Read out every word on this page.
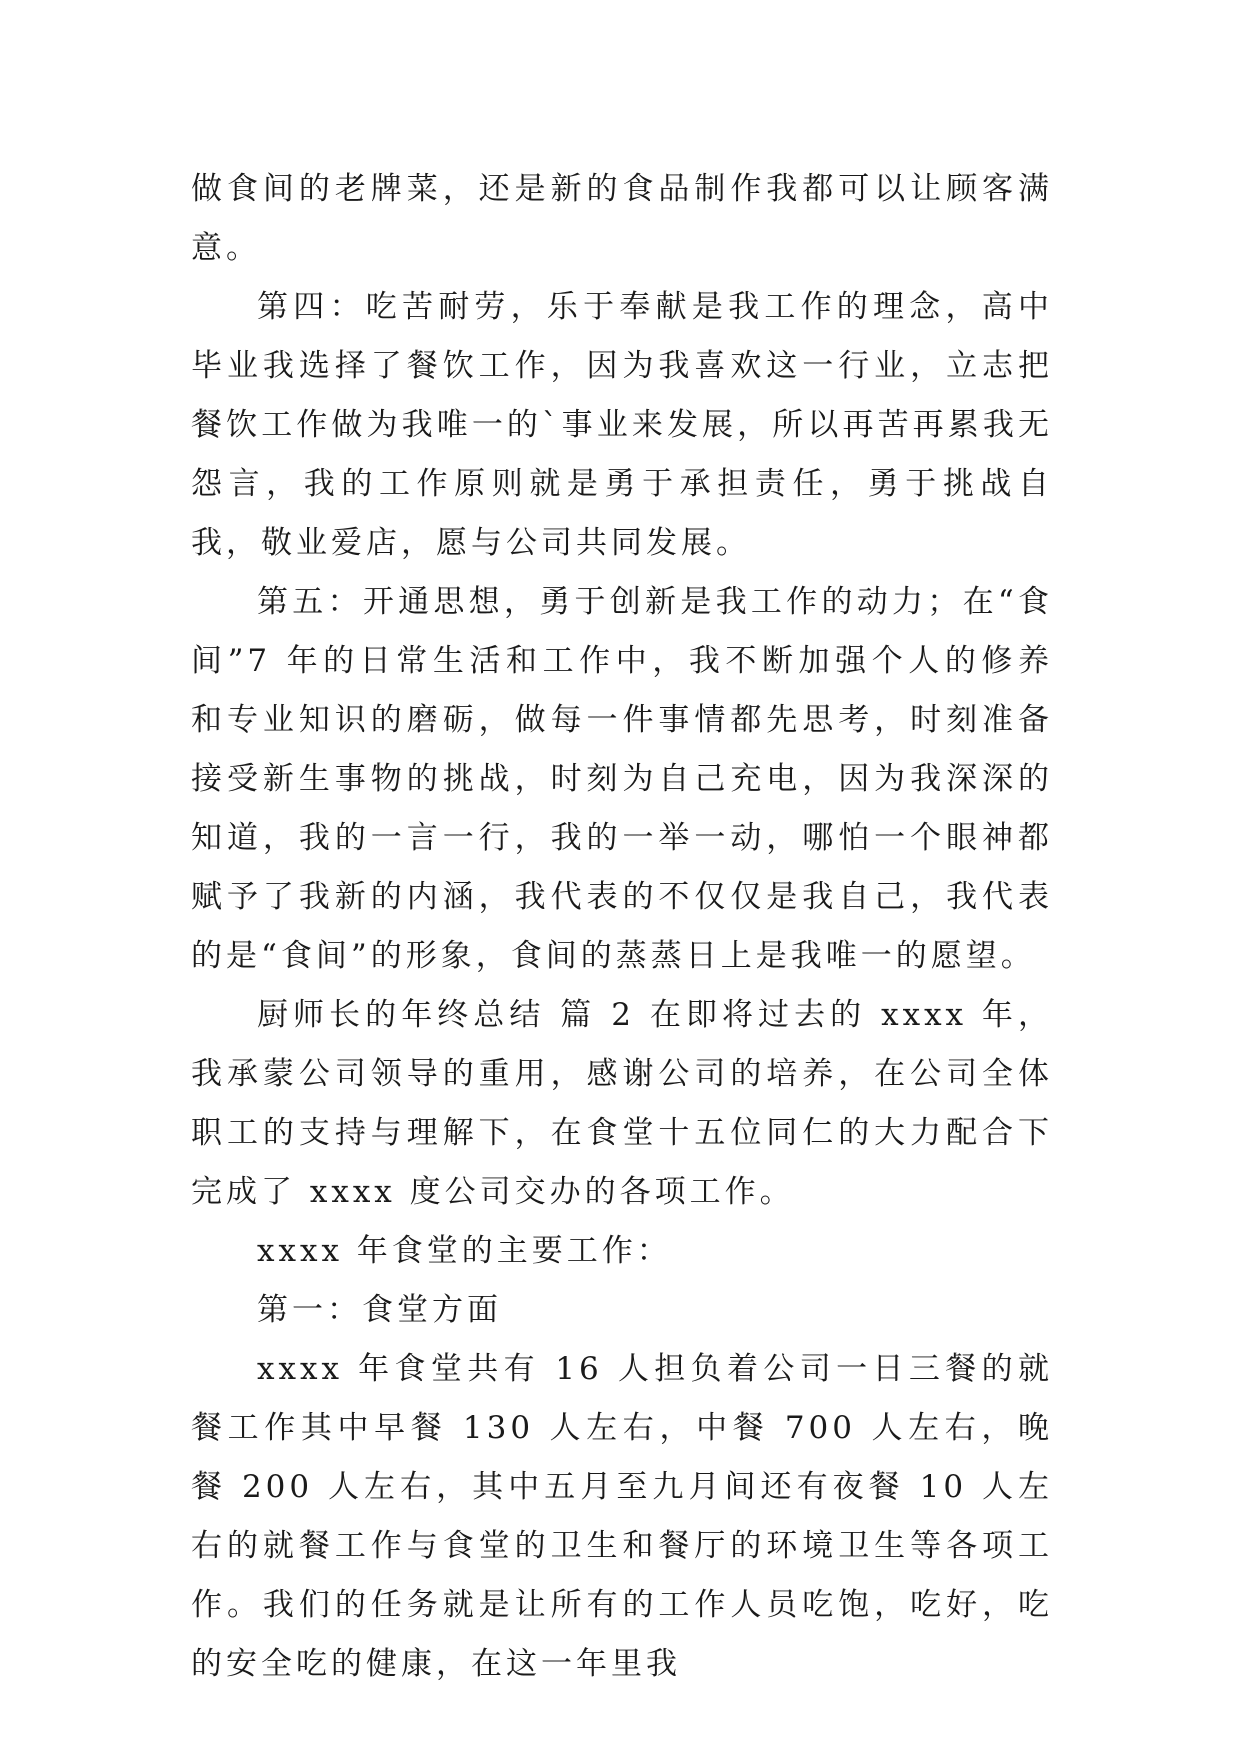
做食间的老牌菜，还是新的食品制作我都可以让顾客满意。

第四：吃苦耐劳，乐于奉献是我工作的理念，高中毕业我选择了餐饮工作，因为我喜欢这一行业，立志把餐饮工作做为我唯一的`事业来发展，所以再苦再累我无怨言，我的工作原则就是勇于承担责任，勇于挑战自我，敬业爱店，愿与公司共同发展。

第五：开通思想，勇于创新是我工作的动力；在“食间”7 年的日常生活和工作中，我不断加强个人的修养和专业知识的磨砺，做每一件事情都先思考，时刻准备接受新生事物的挑战，时刻为自己充电，因为我深深的知道，我的一言一行，我的一举一动，哪怕一个眼神都赋予了我新的内涵，我代表的不仅仅是我自己，我代表的是“食间”的形象，食间的蒸蒸日上是我唯一的愿望。

厨师长的年终总结 篇 2 在即将过去的 xxxx 年，我承蒙公司领导的重用，感谢公司的培养，在公司全体职工的支持与理解下，在食堂十五位同仁的大力配合下完成了 xxxx 度公司交办的各项工作。

xxxx 年食堂的主要工作：

第一：食堂方面

xxxx 年食堂共有 16 人担负着公司一日三餐的就餐工作其中早餐 130 人左右，中餐 700 人左右，晚餐 200 人左右，其中五月至九月间还有夜餐 10 人左右的就餐工作与食堂的卫生和餐厅的环境卫生等各项工作。我们的任务就是让所有的工作人员吃饱，吃好，吃的安全吃的健康，在这一年里我
